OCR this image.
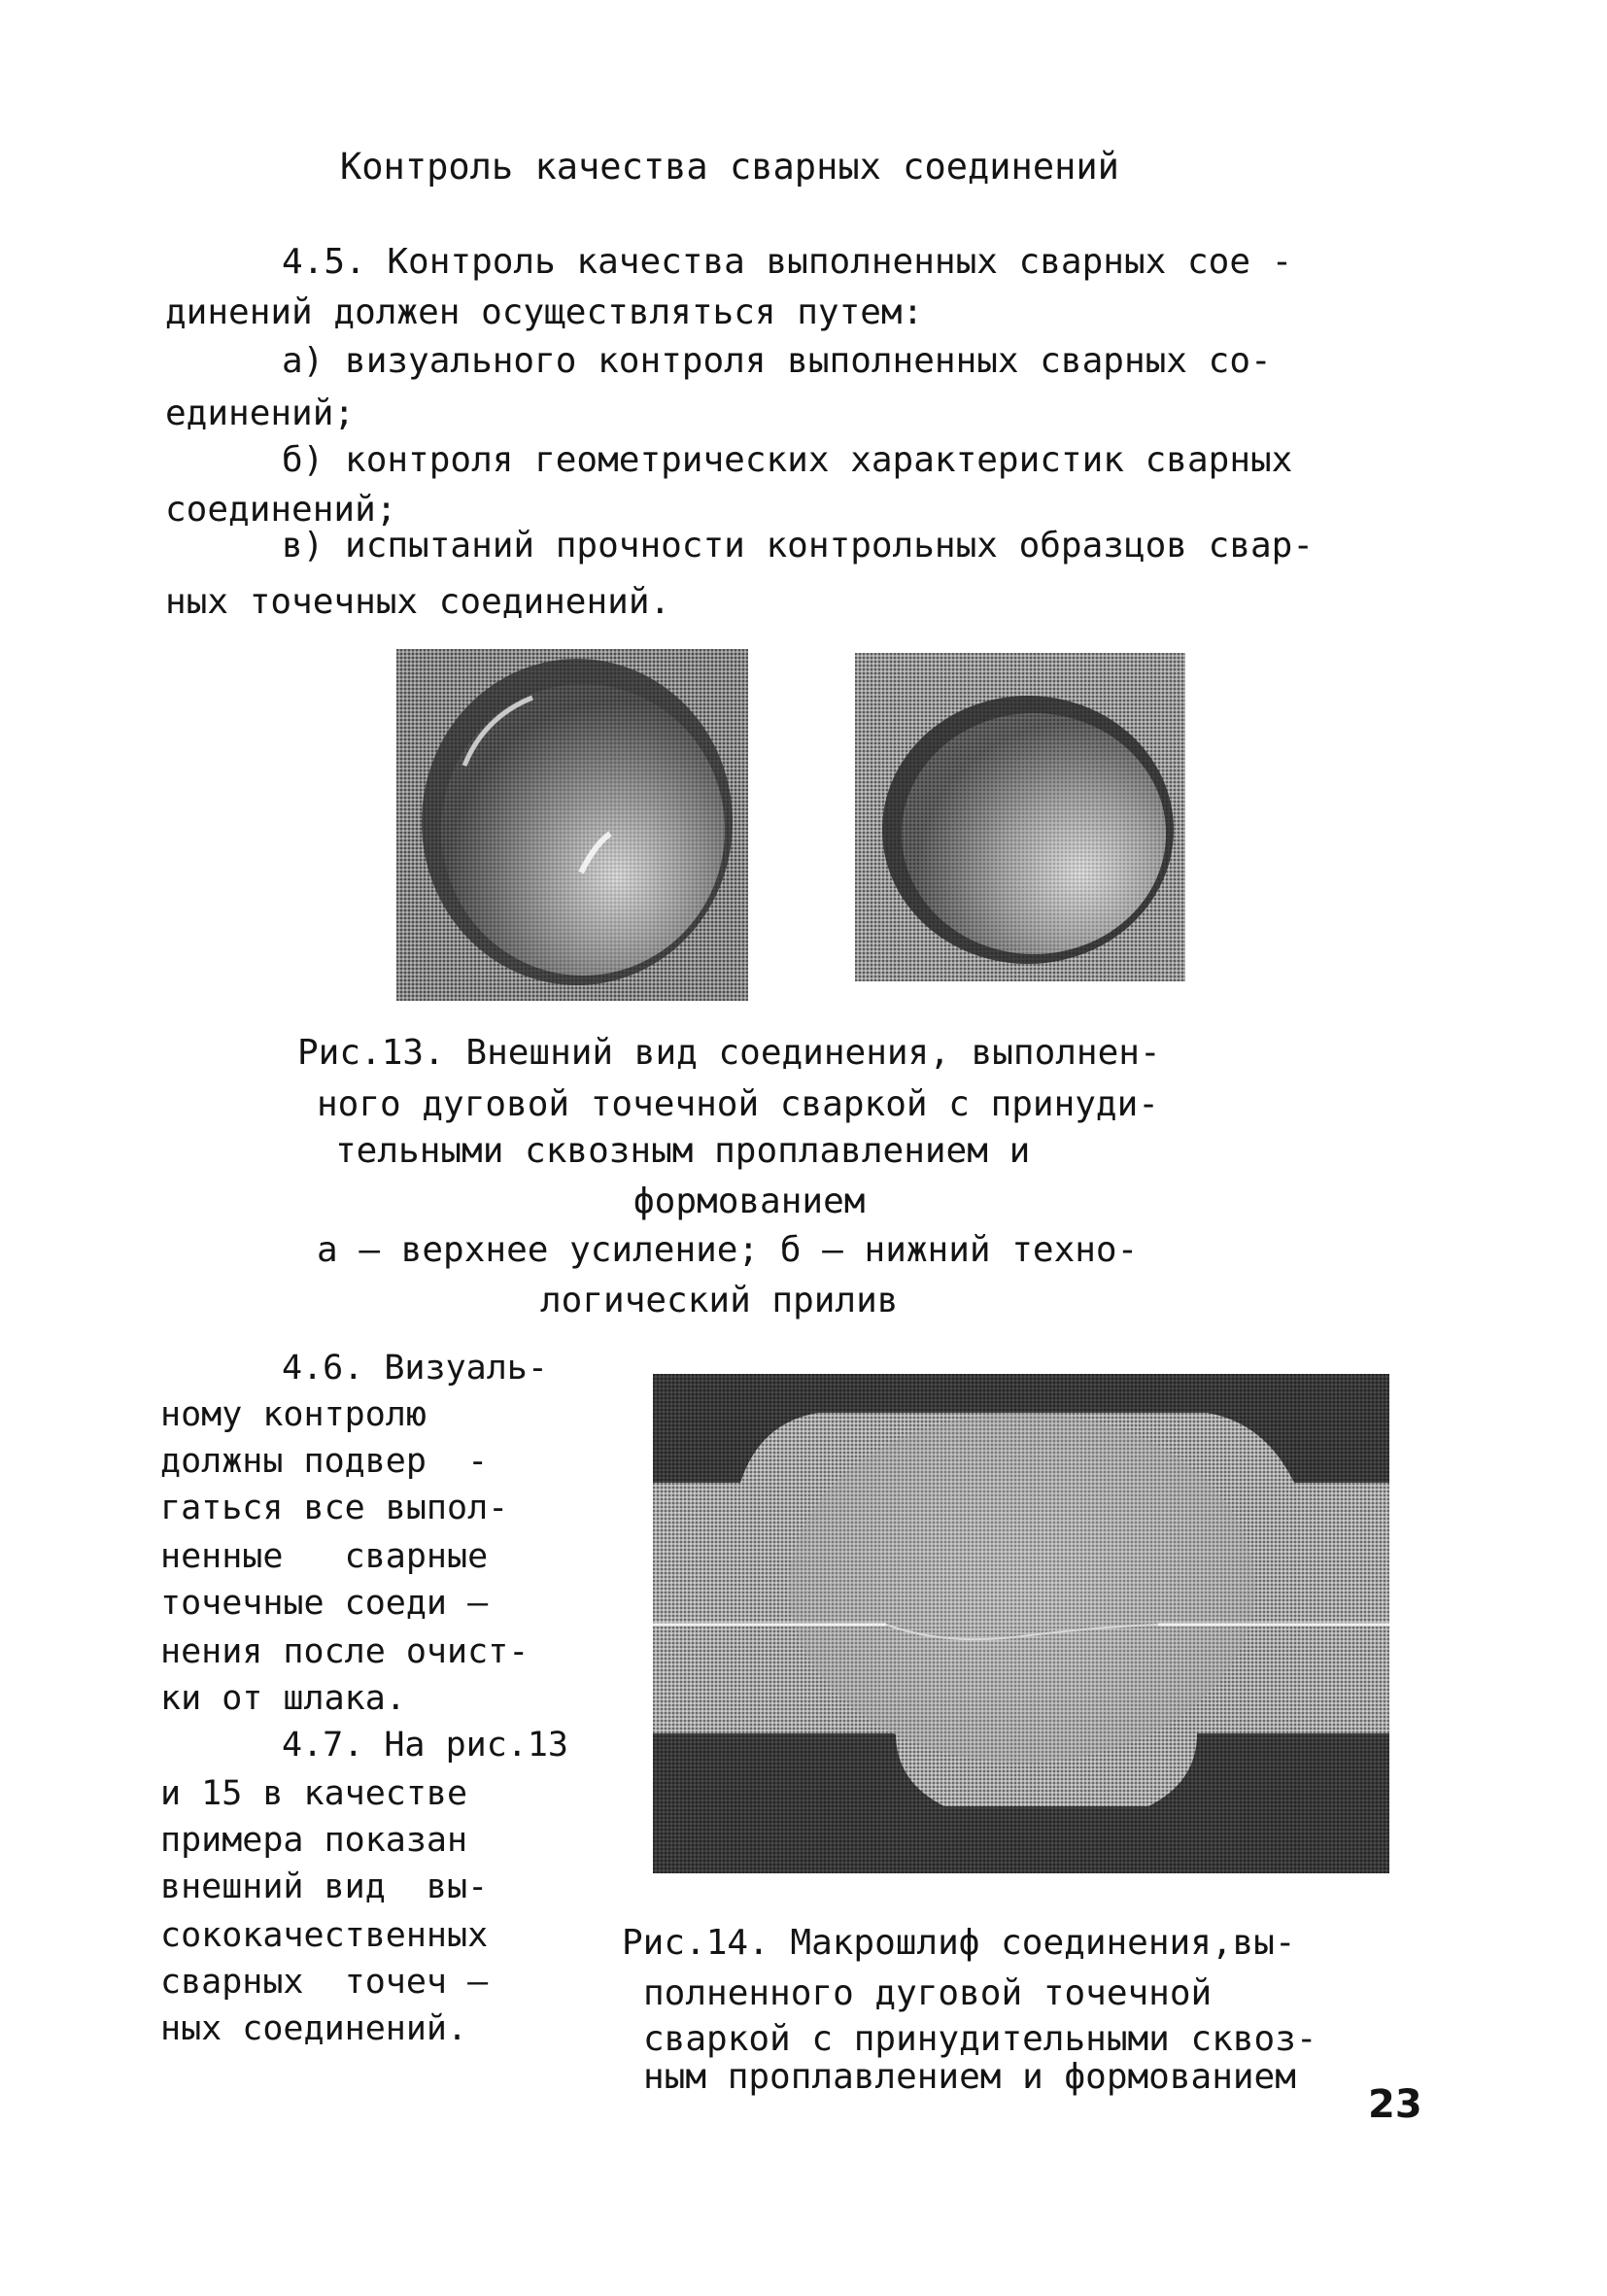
Контроль качества сварных соединений
4.5. Контроль качества выполненных сварных сое -
динений должен осуществляться путем:
а) визуального контроля выполненных сварных со-
единений;
б) контроля геометрических характеристик сварных
соединений;
в) испытаний прочности контрольных образцов свар-
ных точечных соединений.
Рис.13. Внешний вид соединения, выполнен-
ного дуговой точечной сваркой с принуди-
тельными сквозным проплавлением и
формованием
а – верхнее усиление; б – нижний техно-
логический прилив
4.6. Визуаль-
ному контролю
должны подвер  -
гаться все выпол-
ненные   сварные
точечные соеди –
нения после очист-
ки от шлака.
4.7. На рис.13
и 15 в качестве
примера показан
внешний вид  вы-
сококачественных
сварных  точеч –
ных соединений.
Рис.14. Макрошлиф соединения,вы-
полненного дуговой точечной
сваркой с принудительными сквоз-
ным проплавлением и формованием
23
